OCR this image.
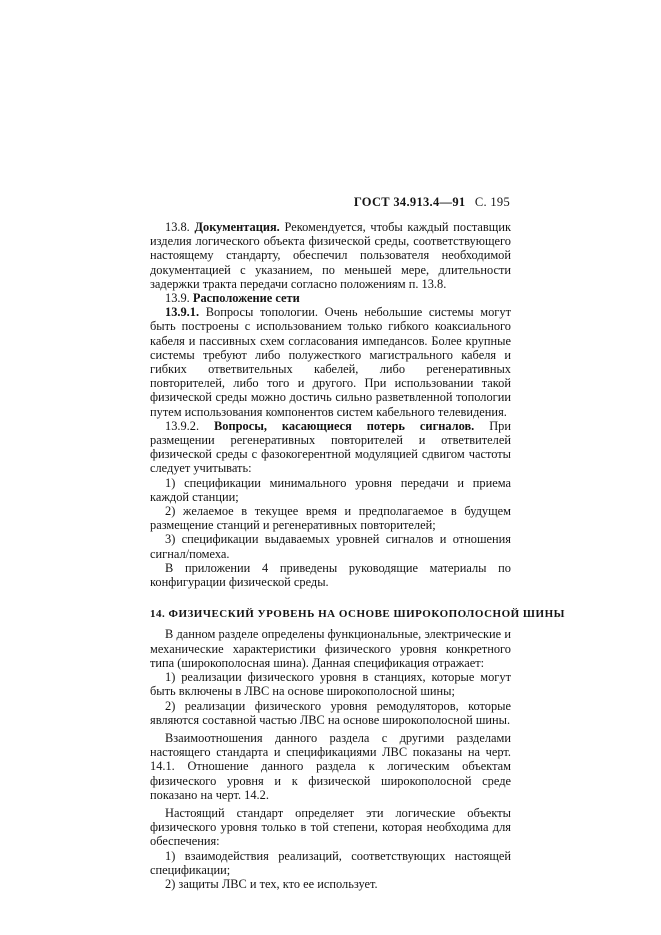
ГОСТ 34.913.4—91 С. 195

13.8. Документация. Рекомендуется, чтобы каждый поставщик изделия логического объекта физической среды, соответствующего настоящему стандарту, обеспечил пользователя необходимой документацией с указанием, по меньшей мере, длительности задержки тракта передачи согласно положениям п. 13.8.

13.9. Расположение сети

13.9.1. Вопросы топологии. Очень небольшие системы могут быть построены с использованием только гибкого коаксиального кабеля и пассивных схем согласования импедансов. Более крупные системы требуют либо полужесткого магистрального кабеля и гибких ответвительных кабелей, либо регенеративных повторителей, либо того и другого. При использовании такой физической среды можно достичь сильно разветвленной топологии путем использования компонентов систем кабельного телевидения.

13.9.2. Вопросы, касающиеся потерь сигналов. При размещении регенеративных повторителей и ответвителей физической среды с фазокогерентной модуляцией сдвигом частоты следует учитывать:

1) спецификации минимального уровня передачи и приема каждой станции;

2) желаемое в текущее время и предполагаемое в будущем размещение станций и регенеративных повторителей;

3) спецификации выдаваемых уровней сигналов и отношения сигнал/помеха.

В приложении 4 приведены руководящие материалы по конфигурации физической среды.

14. ФИЗИЧЕСКИЙ УРОВЕНЬ НА ОСНОВЕ ШИРОКОПОЛОСНОЙ ШИНЫ

В данном разделе определены функциональные, электрические и механические характеристики физического уровня конкретного типа (широкополосная шина). Данная спецификация отражает:

1) реализации физического уровня в станциях, которые могут быть включены в ЛВС на основе широкополосной шины;

2) реализации физического уровня ремодуляторов, которые являются составной частью ЛВС на основе широкополосной шины.

Взаимоотношения данного раздела с другими разделами настоящего стандарта и спецификациями ЛВС показаны на черт. 14.1. Отношение данного раздела к логическим объектам физического уровня и к физической широкополосной среде показано на черт. 14.2.

Настоящий стандарт определяет эти логические объекты физического уровня только в той степени, которая необходима для обеспечения:

1) взаимодействия реализаций, соответствующих настоящей спецификации;

2) защиты ЛВС и тех, кто ее использует.
